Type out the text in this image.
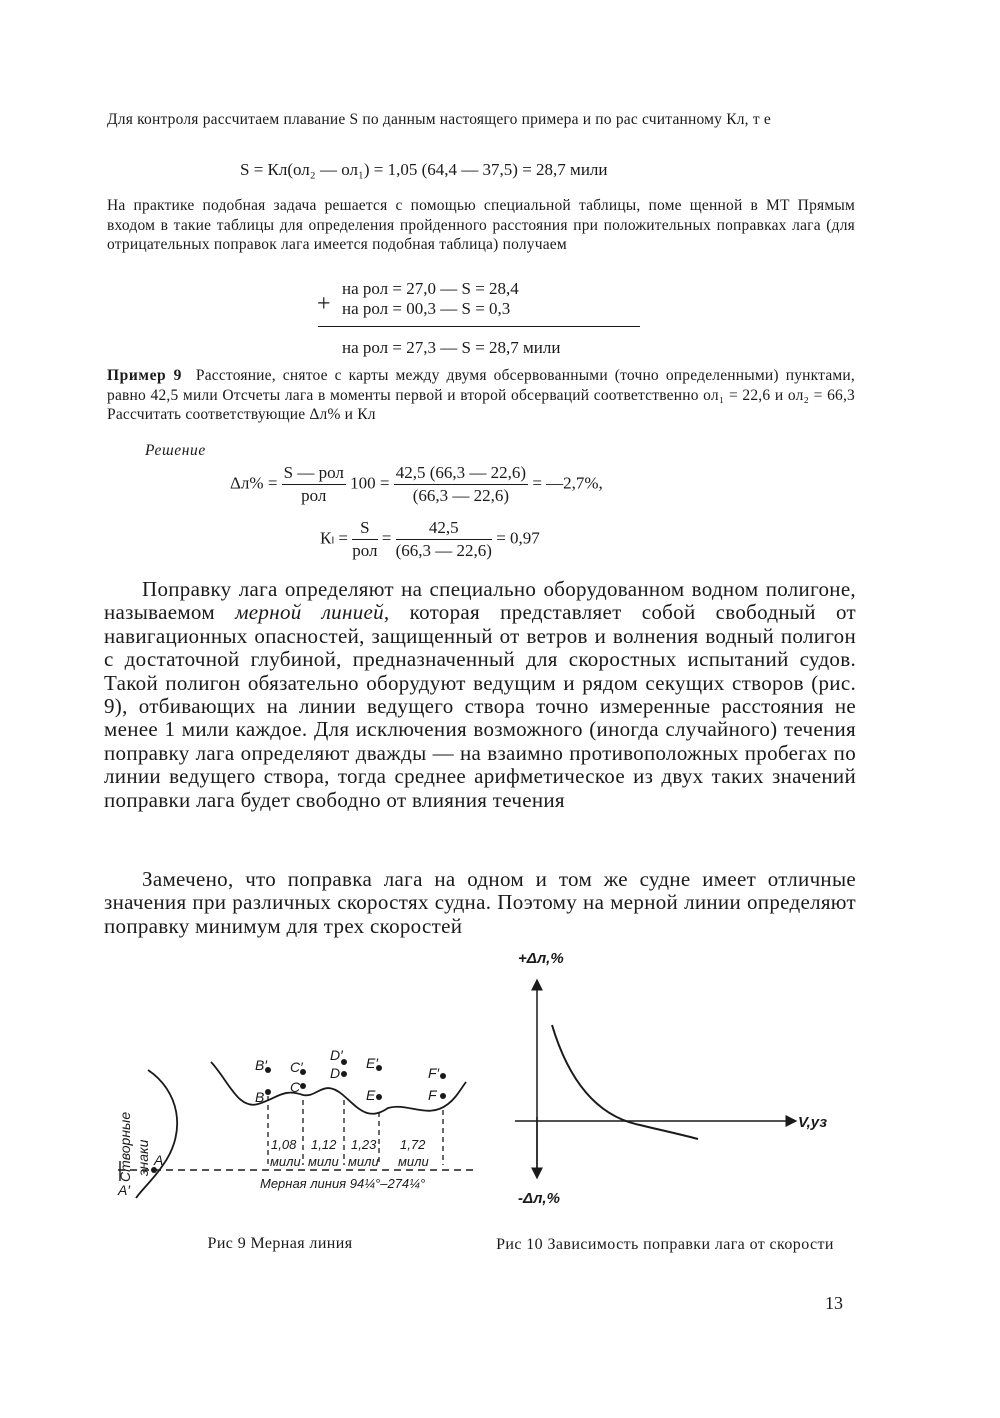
Для контроля рассчитаем плавание S по данным настоящего примера и по рас считанному Кл, т е
S = Кл(ол₂ — ол₁) = 1,05 (64,4 — 37,5) = 28,7 мили
На практике подобная задача решается с помощью специальной таблицы, поме щенной в МТ Прямым входом в такие таблицы для определения пройденного расстояния при положительных поправках лага (для отрицательных поправок лага имеется подобная таблица) получаем
на рол = 27,0 — S = 28,4
+ на рол = 00,3 — S = 0,3
на рол = 27,3 — S = 28,7 мили
Пример 9 Расстояние, снятое с карты между двумя обсервованными (точно определенными) пунктами, равно 42,5 мили Отсчеты лага в моменты первой и второй обсерваций соответственно ол₁ = 22,6 и ол₂ = 66,3 Рассчитать соответствующие Δл% и Кл
Решение
$\Delta л\% = \frac{\text{S — рол}}{\text{рол}} 100 = \frac{42,5 (66,3 — 22,6)}{(66,3 — 22,6)}$ = —2,7%,
$К_l = \frac{S}{\text{рол}} = \frac{42,5}{(66,3 — 22,6)} = 0,97$
Поправку лага определяют на специально оборудованном водном полигоне, называемом мерной линией, которая представляет собой свободный от навигационных опасностей, защищенный от ветров и волнения водный полигон с достаточной глубиной, предназначенный для скоростных испытаний судов. Такой полигон обязательно оборудуют ведущим и рядом секущих створов (рис. 9), отбивающих на линии ведущего створа точно измеренные расстояния не менее 1 мили каждое. Для исключения возможного (иногда случайного) течения поправку лага определяют дважды — на взаимно противоположных пробегах по линии ведущего створа, тогда среднее арифметическое из двух таких значений поправки лага будет свободно от влияния течения
Замечено, что поправка лага на одном и том же судне имеет отличные значения при различных скоростях судна. Поэтому на мерной линии определяют поправку минимум для трех скоростей
B′
B
C′
C
D′
D
E′
E
F′
F
A
A′
Створные знаки	1,08 1,12 1,23 1,72
мили мили мили мили
Мерная линия 94¼°–274¼°
Рис 9 Мерная линия
+Δл,%
-Δл,%
V,уз
Рис 10 Зависимость поправки лага от скорости
13
